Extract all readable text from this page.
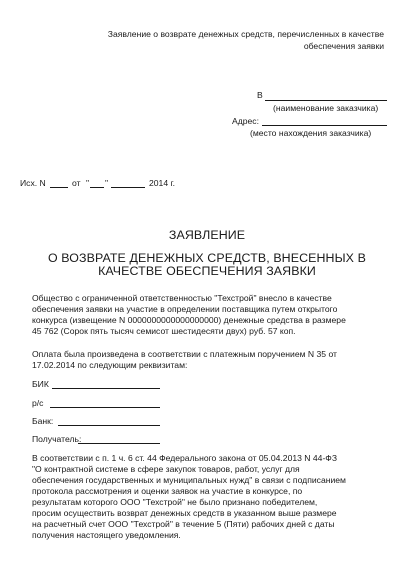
Заявление о возврате денежных средств, перечисленных в качестве
обеспечения заявки
В
(наименование заказчика)
Адрес:
(место нахождения заказчика)
Исх. N	от " "	2014 г.
ЗАЯВЛЕНИЕ
О ВОЗВРАТЕ ДЕНЕЖНЫХ СРЕДСТВ, ВНЕСЕННЫХ В
КАЧЕСТВЕ ОБЕСПЕЧЕНИЯ ЗАЯВКИ
Общество с ограниченной ответственностью "Техстрой" внесло в качестве
обеспечения заявки на участие в определении поставщика путем открытого
конкурса (извещение N 0000000000000000000) денежные средства в размере
45 762 (Сорок пять тысяч семисот шестидесяти двух) руб. 57 коп.
Оплата была произведена в соответствии с платежным поручением N 35 от
17.02.2014 по следующим реквизитам:
БИК
р/с
Банк:
Получатель:
В соответствии с п. 1 ч. 6 ст. 44 Федерального закона от 05.04.2013 N 44-ФЗ
"О контрактной системе в сфере закупок товаров, работ, услуг для
обеспечения государственных и муниципальных нужд" в связи с подписанием
протокола рассмотрения и оценки заявок на участие в конкурсе, по
результатам которого ООО "Техстрой" не было признано победителем,
просим осуществить возврат денежных средств в указанном выше размере
на расчетный счет ООО "Техстрой" в течение 5 (Пяти) рабочих дней с даты
получения настоящего уведомления.
